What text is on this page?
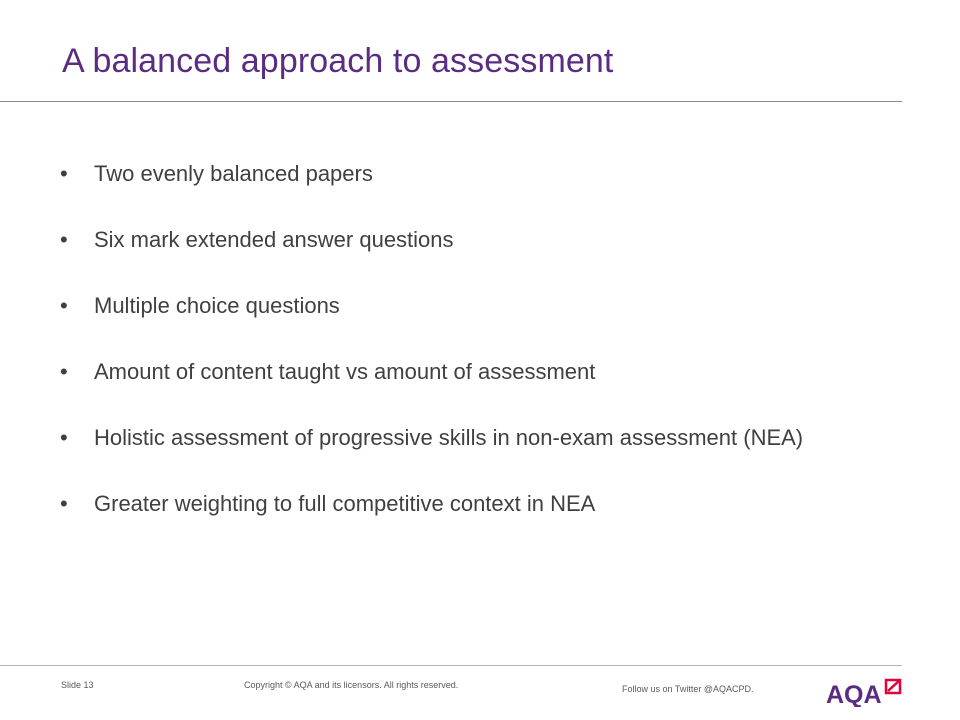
A balanced approach to assessment
• Two evenly balanced papers
• Six mark extended answer questions
• Multiple choice questions
• Amount of content taught vs amount of assessment
• Holistic assessment of progressive skills in non-exam assessment (NEA)
• Greater weighting to full competitive context in NEA
Slide 13	Copyright © AQA and its licensors. All rights reserved.	Follow us on Twitter @AQACPD.	AQA
